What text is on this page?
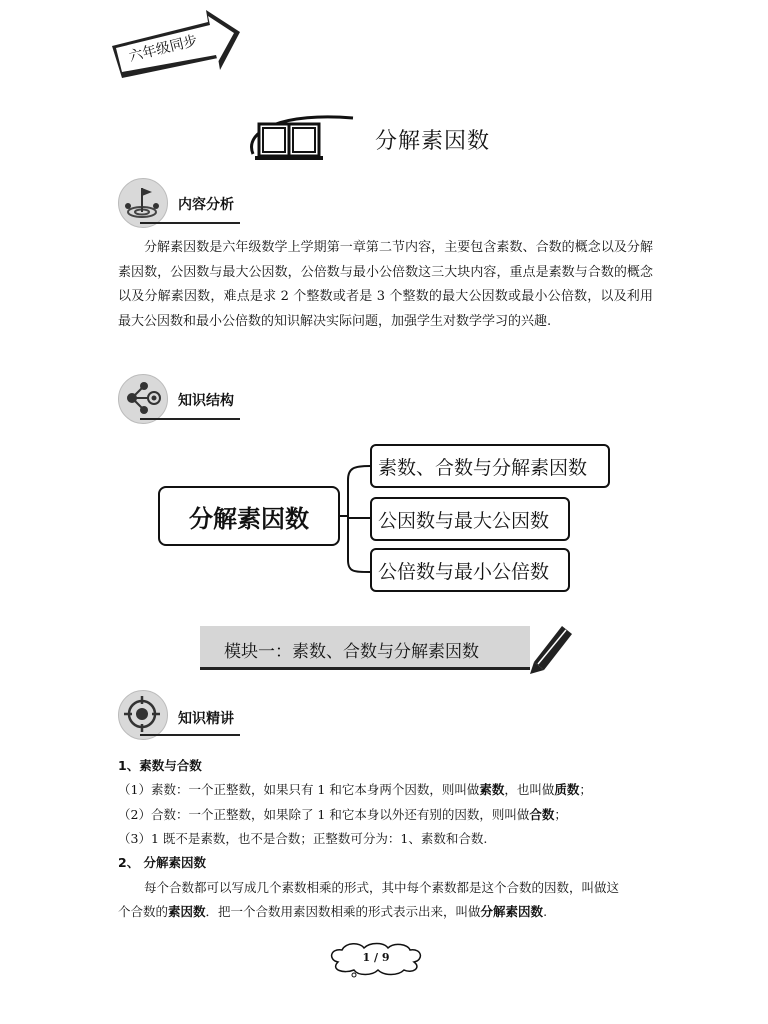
六年级同步
分解素因数
内容分析

分解素因数是六年级数学上学期第一章第二节内容，主要包含素数、合数的概念以及分解素因数，公因数与最大公因数，公倍数与最小公倍数这三大块内容，重点是素数与合数的概念以及分解素因数，难点是求 2 个整数或者是 3 个整数的最大公因数或最小公倍数，以及利用最大公因数和最小公倍数的知识解决实际问题，加强学生对数学学习的兴趣.

知识结构
分解素因数
素数、合数与分解素因数
公因数与最大公因数
公倍数与最小公倍数
模块一：素数、合数与分解素因数
知识精讲
1、素数与合数
（1）素数：一个正整数，如果只有 1 和它本身两个因数，则叫做素数，也叫做质数；
（2）合数：一个正整数，如果除了 1 和它本身以外还有别的因数，则叫做合数；
（3）1 既不是素数，也不是合数；正整数可分为：1、素数和合数.
2、 分解素因数
每个合数都可以写成几个素数相乘的形式，其中每个素数都是这个合数的因数，叫做这
个合数的素因数．把一个合数用素因数相乘的形式表示出来，叫做分解素因数.
1 / 9
